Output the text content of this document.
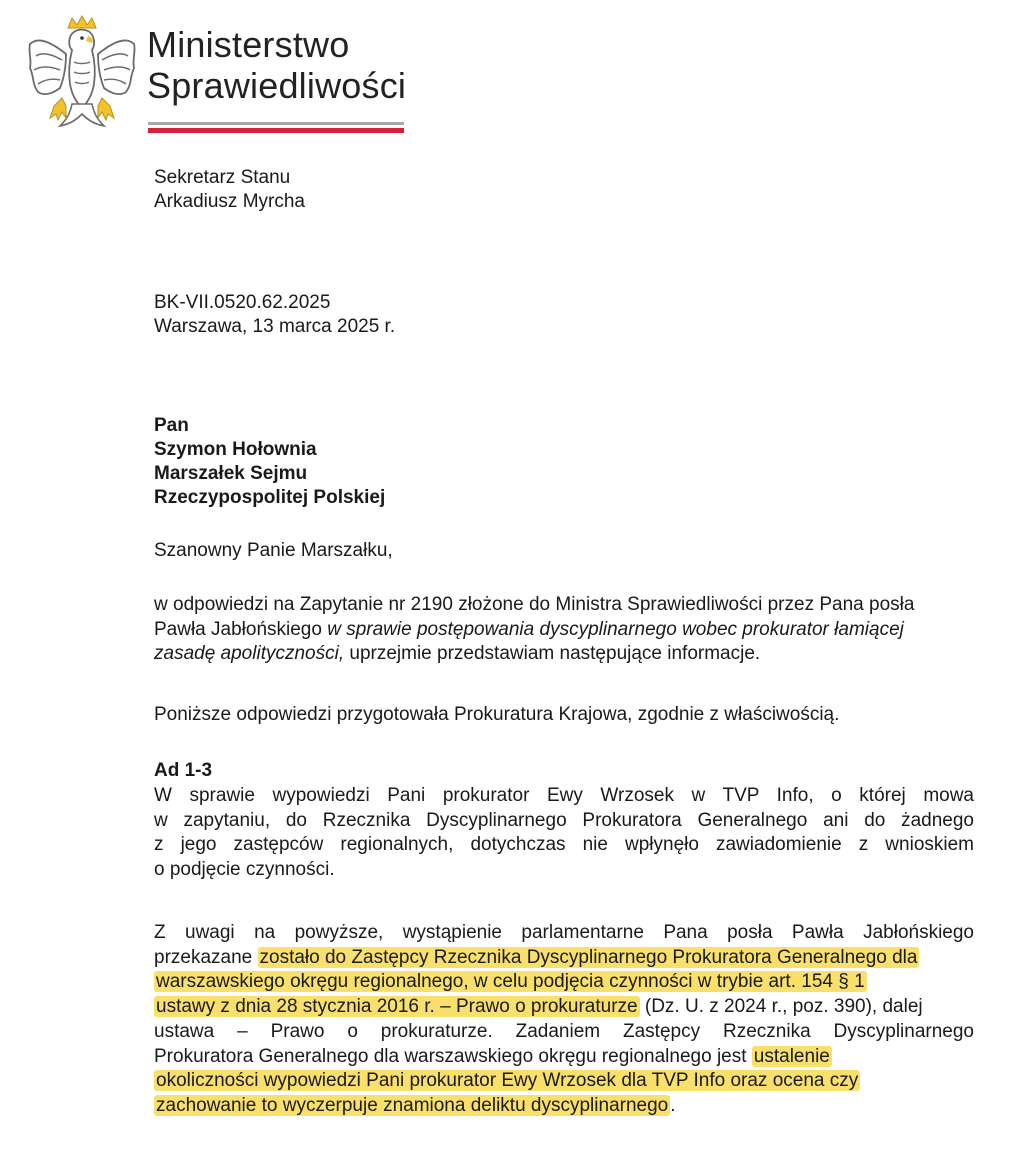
Ministerstwo
Sprawiedliwości
Sekretarz Stanu
Arkadiusz Myrcha
BK-VII.0520.62.2025
Warszawa, 13 marca 2025 r.
Pan
Szymon Hołownia
Marszałek Sejmu
Rzeczypospolitej Polskiej
Szanowny Panie Marszałku,
w odpowiedzi na Zapytanie nr 2190 złożone do Ministra Sprawiedliwości przez Pana posła
Pawła Jabłońskiego w sprawie postępowania dyscyplinarnego wobec prokurator łamiącej
zasadę apolityczności, uprzejmie przedstawiam następujące informacje.
Poniższe odpowiedzi przygotowała Prokuratura Krajowa, zgodnie z właściwością.
Ad 1-3
W sprawie wypowiedzi Pani prokurator Ewy Wrzosek w TVP Info, o której mowa
w zapytaniu, do Rzecznika Dyscyplinarnego Prokuratora Generalnego ani do żadnego
z jego zastępców regionalnych, dotychczas nie wpłynęło zawiadomienie z wnioskiem
o podjęcie czynności.
Z uwagi na powyższe, wystąpienie parlamentarne Pana posła Pawła Jabłońskiego
przekazane zostało do Zastępcy Rzecznika Dyscyplinarnego Prokuratora Generalnego dla
warszawskiego okręgu regionalnego, w celu podjęcia czynności w trybie art. 154 § 1
ustawy z dnia 28 stycznia 2016 r. – Prawo o prokuraturze (Dz. U. z 2024 r., poz. 390), dalej
ustawa – Prawo o prokuraturze. Zadaniem Zastępcy Rzecznika Dyscyplinarnego
Prokuratora Generalnego dla warszawskiego okręgu regionalnego jest ustalenie
okoliczności wypowiedzi Pani prokurator Ewy Wrzosek dla TVP Info oraz ocena czy
zachowanie to wyczerpuje znamiona deliktu dyscyplinarnego .
